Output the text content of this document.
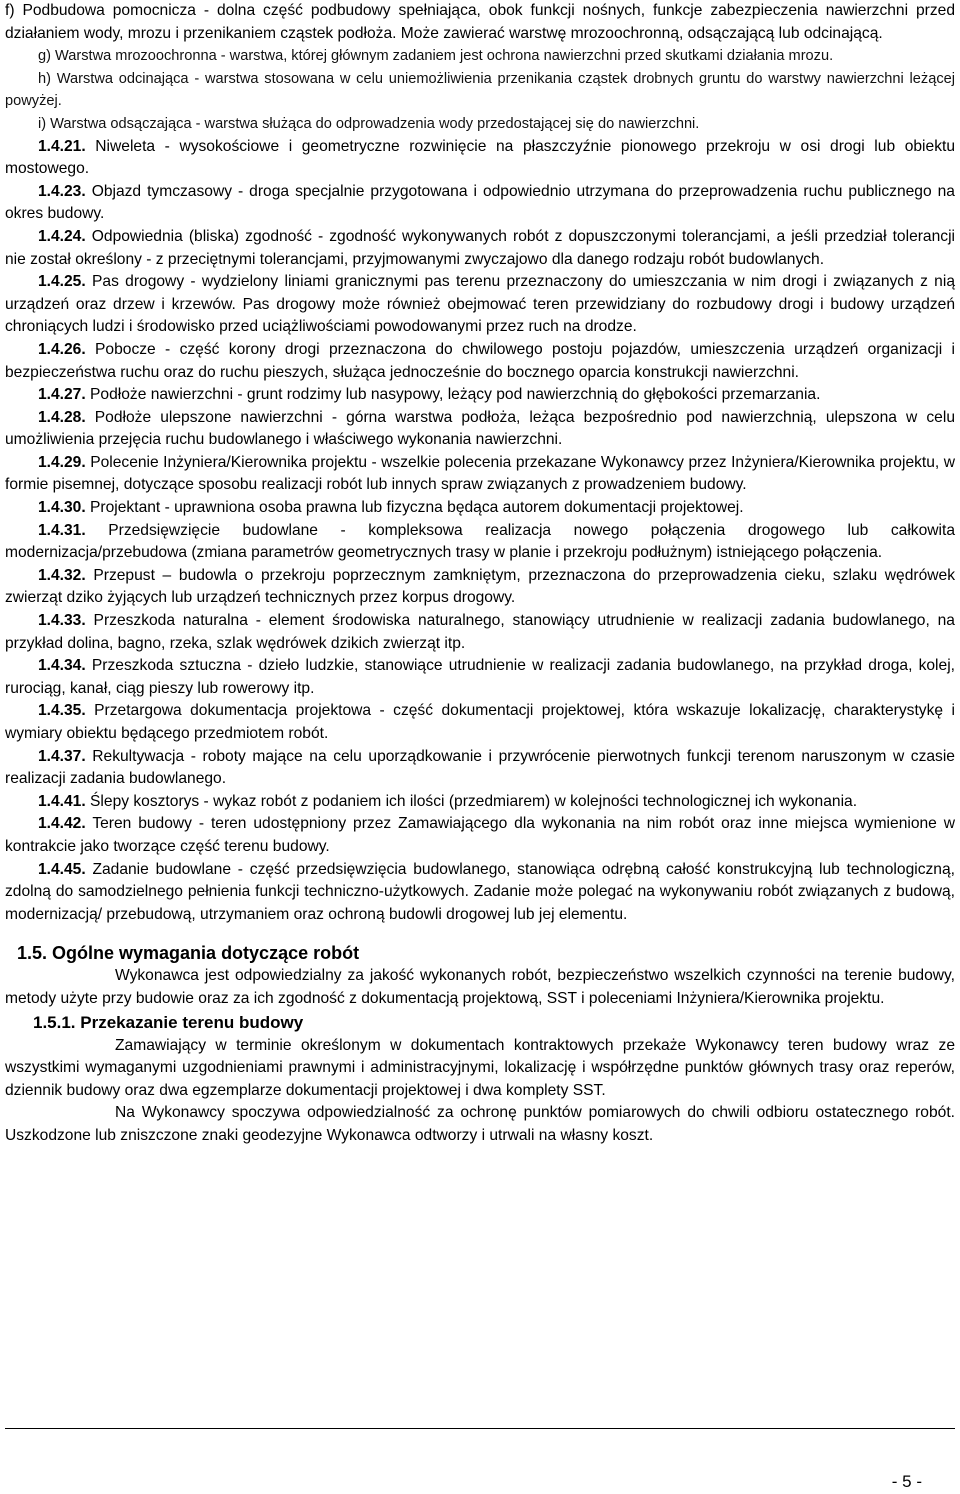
f) Podbudowa pomocnicza - dolna część podbudowy spełniająca, obok funkcji nośnych, funkcje zabezpieczenia nawierzchni przed działaniem wody, mrozu i przenikaniem cząstek podłoża. Może zawierać warstwę mrozoochronną, odsączającą lub odcinającą.

g) Warstwa mrozoochronna - warstwa, której głównym zadaniem jest ochrona nawierzchni przed skutkami działania mrozu.

h) Warstwa odcinająca - warstwa stosowana w celu uniemożliwienia przenikania cząstek drobnych gruntu do warstwy nawierzchni leżącej powyżej.

i) Warstwa odsączająca - warstwa służąca do odprowadzenia wody przedostającej się do nawierzchni.

1.4.21. Niweleta - wysokościowe i geometryczne rozwinięcie na płaszczyźnie pionowego przekroju w osi drogi lub obiektu mostowego.

1.4.23. Objazd tymczasowy - droga specjalnie przygotowana i odpowiednio utrzymana do przeprowadzenia ruchu publicznego na okres budowy.

1.4.24. Odpowiednia (bliska) zgodność - zgodność wykonywanych robót z dopuszczonymi tolerancjami, a jeśli przedział tolerancji nie został określony - z przeciętnymi tolerancjami, przyjmowanymi zwyczajowo dla danego rodzaju robót budowlanych.

1.4.25. Pas drogowy - wydzielony liniami granicznymi pas terenu przeznaczony do umieszczania w nim drogi i związanych z nią urządzeń oraz drzew i krzewów. Pas drogowy może również obejmować teren przewidziany do rozbudowy drogi i budowy urządzeń chroniących ludzi i środowisko przed uciążliwościami powodowanymi przez ruch na drodze.

1.4.26. Pobocze - część korony drogi przeznaczona do chwilowego postoju pojazdów, umieszczenia urządzeń organizacji i bezpieczeństwa ruchu oraz do ruchu pieszych, służąca jednocześnie do bocznego oparcia konstrukcji nawierzchni.

1.4.27. Podłoże nawierzchni - grunt rodzimy lub nasypowy, leżący pod nawierzchnią do głębokości przemarzania.

1.4.28. Podłoże ulepszone nawierzchni - górna warstwa podłoża, leżąca bezpośrednio pod nawierzchnią, ulepszona w celu umożliwienia przejęcia ruchu budowlanego i właściwego wykonania nawierzchni.

1.4.29. Polecenie Inżyniera/Kierownika projektu - wszelkie polecenia przekazane Wykonawcy przez Inżyniera/Kierownika projektu, w formie pisemnej, dotyczące sposobu realizacji robót lub innych spraw związanych z prowadzeniem budowy.

1.4.30. Projektant - uprawniona osoba prawna lub fizyczna będąca autorem dokumentacji projektowej.

1.4.31. Przedsięwzięcie budowlane - kompleksowa realizacja nowego połączenia drogowego lub całkowita modernizacja/przebudowa (zmiana parametrów geometrycznych trasy w planie i przekroju podłużnym) istniejącego połączenia.

1.4.32. Przepust – budowla o przekroju poprzecznym zamkniętym, przeznaczona do przeprowadzenia cieku, szlaku wędrówek zwierząt dziko żyjących lub urządzeń technicznych przez korpus drogowy.

1.4.33. Przeszkoda naturalna - element środowiska naturalnego, stanowiący utrudnienie w realizacji zadania budowlanego, na przykład dolina, bagno, rzeka, szlak wędrówek dzikich zwierząt itp.

1.4.34. Przeszkoda sztuczna - dzieło ludzkie, stanowiące utrudnienie w realizacji zadania budowlanego, na przykład droga, kolej, rurociąg, kanał, ciąg pieszy lub rowerowy itp.

1.4.35. Przetargowa dokumentacja projektowa - część dokumentacji projektowej, która wskazuje lokalizację, charakterystykę i wymiary obiektu będącego przedmiotem robót.

1.4.37. Rekultywacja - roboty mające na celu uporządkowanie i przywrócenie pierwotnych funkcji terenom naruszonym w czasie realizacji zadania budowlanego.

1.4.41. Ślepy kosztorys - wykaz robót z podaniem ich ilości (przedmiarem) w kolejności technologicznej ich wykonania.

1.4.42. Teren budowy - teren udostępniony przez Zamawiającego dla wykonania na nim robót oraz inne miejsca wymienione w kontrakcie jako tworzące część terenu budowy.

1.4.45. Zadanie budowlane - część przedsięwzięcia budowlanego, stanowiąca odrębną całość konstrukcyjną lub technologiczną, zdolną do samodzielnego pełnienia funkcji techniczno-użytkowych. Zadanie może polegać na wykonywaniu robót związanych z budową, modernizacją/ przebudową, utrzymaniem oraz ochroną budowli drogowej lub jej elementu.

1.5. Ogólne wymagania dotyczące robót

Wykonawca jest odpowiedzialny za jakość wykonanych robót, bezpieczeństwo wszelkich czynności na terenie budowy, metody użyte przy budowie oraz za ich zgodność z dokumentacją projektową, SST i poleceniami Inżyniera/Kierownika projektu.

1.5.1. Przekazanie terenu budowy

Zamawiający w terminie określonym w dokumentach kontraktowych przekaże Wykonawcy teren budowy wraz ze wszystkimi wymaganymi uzgodnieniami prawnymi i administracyjnymi, lokalizację i współrzędne punktów głównych trasy oraz reperów, dziennik budowy oraz dwa egzemplarze dokumentacji projektowej i dwa komplety SST.

Na Wykonawcy spoczywa odpowiedzialność za ochronę punktów pomiarowych do chwili odbioru ostatecznego robót. Uszkodzone lub zniszczone znaki geodezyjne Wykonawca odtworzy i utrwali na własny koszt.

- 5 -
